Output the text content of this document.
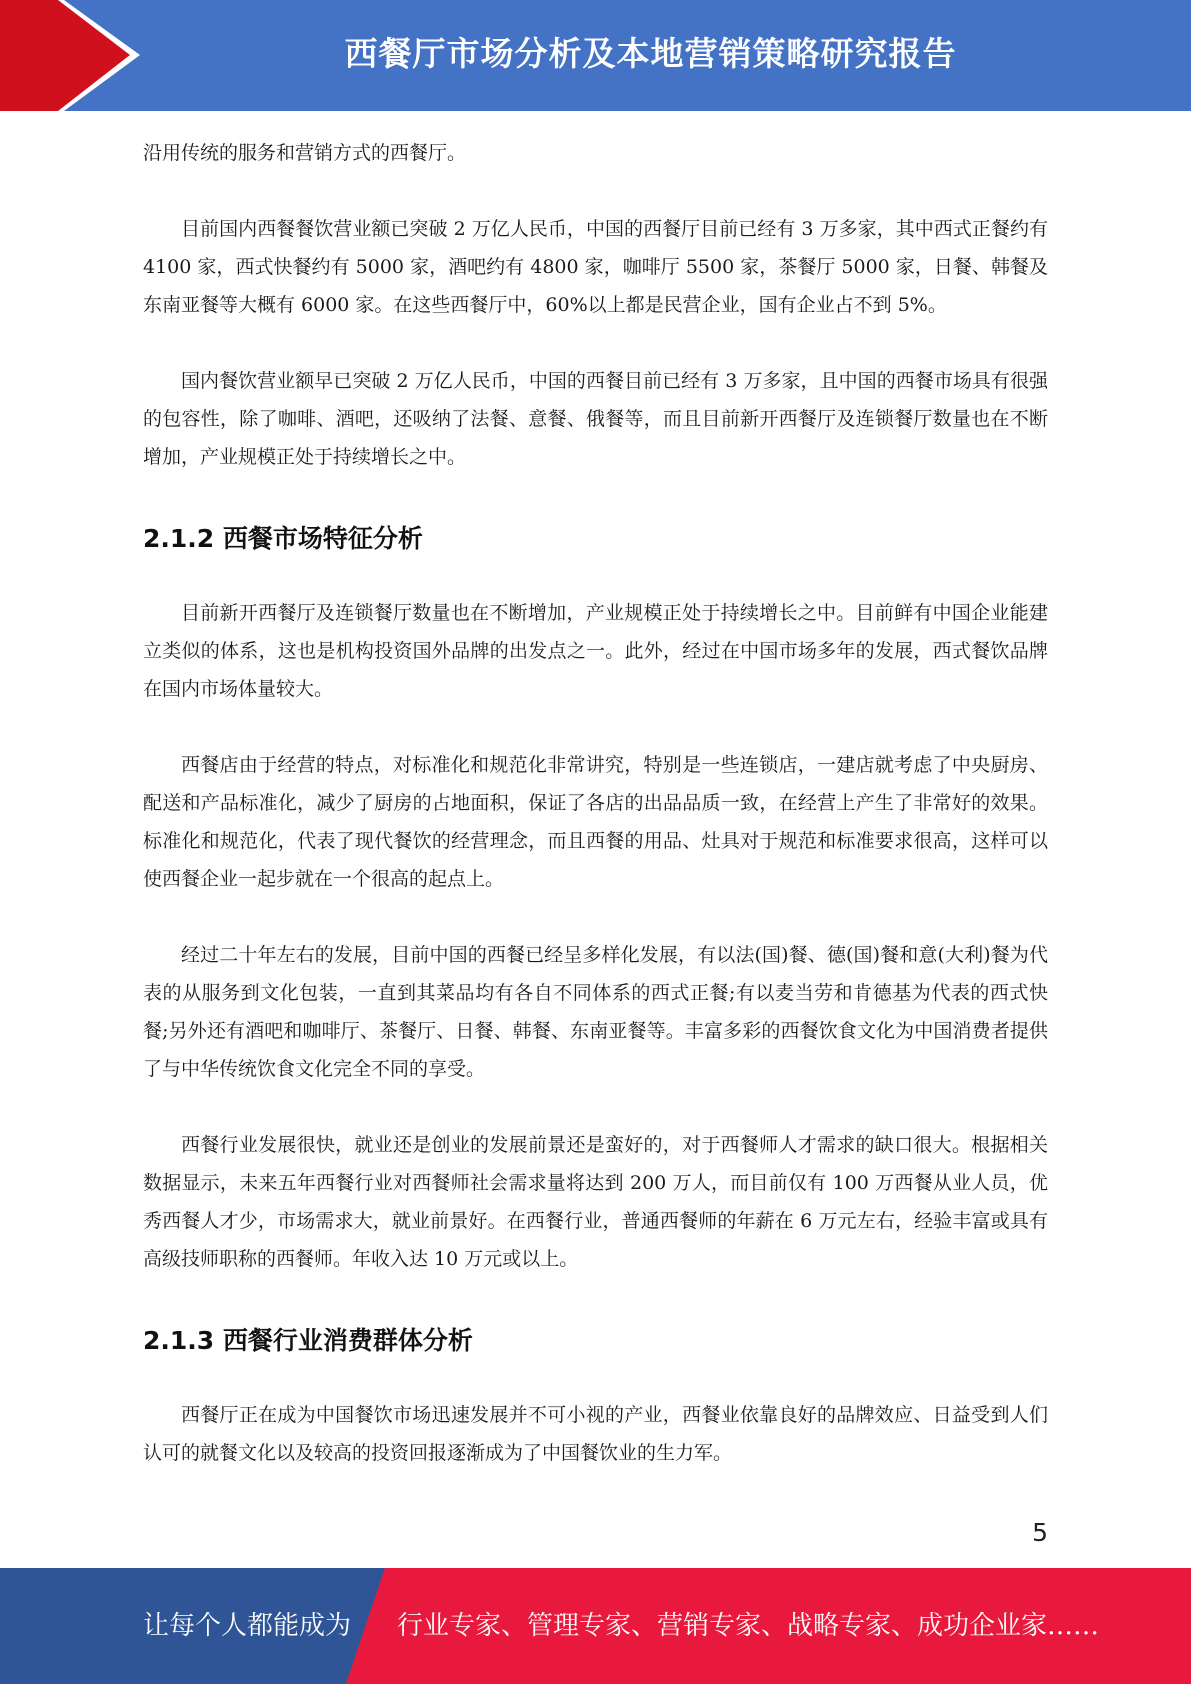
西餐厅市场分析及本地营销策略研究报告

沿用传统的服务和营销方式的西餐厅。

目前国内西餐餐饮营业额已突破 2 万亿人民币，中国的西餐厅目前已经有 3 万多家，其中西式正餐约有 4100 家，西式快餐约有 5000 家，酒吧约有 4800 家，咖啡厅 5500 家，茶餐厅 5000 家，日餐、韩餐及东南亚餐等大概有 6000 家。在这些西餐厅中，60%以上都是民营企业，国有企业占不到 5%。

国内餐饮营业额早已突破 2 万亿人民币，中国的西餐目前已经有 3 万多家，且中国的西餐市场具有很强的包容性，除了咖啡、酒吧，还吸纳了法餐、意餐、俄餐等，而且目前新开西餐厅及连锁餐厅数量也在不断增加，产业规模正处于持续增长之中。

2.1.2 西餐市场特征分析

目前新开西餐厅及连锁餐厅数量也在不断增加，产业规模正处于持续增长之中。目前鲜有中国企业能建立类似的体系，这也是机构投资国外品牌的出发点之一。此外，经过在中国市场多年的发展，西式餐饮品牌在国内市场体量较大。

西餐店由于经营的特点，对标准化和规范化非常讲究，特别是一些连锁店，一建店就考虑了中央厨房、配送和产品标准化，减少了厨房的占地面积，保证了各店的出品品质一致，在经营上产生了非常好的效果。标准化和规范化，代表了现代餐饮的经营理念，而且西餐的用品、灶具对于规范和标准要求很高，这样可以使西餐企业一起步就在一个很高的起点上。

经过二十年左右的发展，目前中国的西餐已经呈多样化发展，有以法(国)餐、德(国)餐和意(大利)餐为代表的从服务到文化包装，一直到其菜品均有各自不同体系的西式正餐;有以麦当劳和肯德基为代表的西式快餐;另外还有酒吧和咖啡厅、茶餐厅、日餐、韩餐、东南亚餐等。丰富多彩的西餐饮食文化为中国消费者提供了与中华传统饮食文化完全不同的享受。

西餐行业发展很快，就业还是创业的发展前景还是蛮好的，对于西餐师人才需求的缺口很大。根据相关数据显示，未来五年西餐行业对西餐师社会需求量将达到 200 万人，而目前仅有 100 万西餐从业人员，优秀西餐人才少，市场需求大，就业前景好。在西餐行业，普通西餐师的年薪在 6 万元左右，经验丰富或具有高级技师职称的西餐师。年收入达 10 万元或以上。

2.1.3 西餐行业消费群体分析

西餐厅正在成为中国餐饮市场迅速发展并不可小视的产业，西餐业依靠良好的品牌效应、日益受到人们认可的就餐文化以及较高的投资回报逐渐成为了中国餐饮业的生力军。

5
让每个人都能成为 行业专家、管理专家、营销专家、战略专家、成功企业家……
